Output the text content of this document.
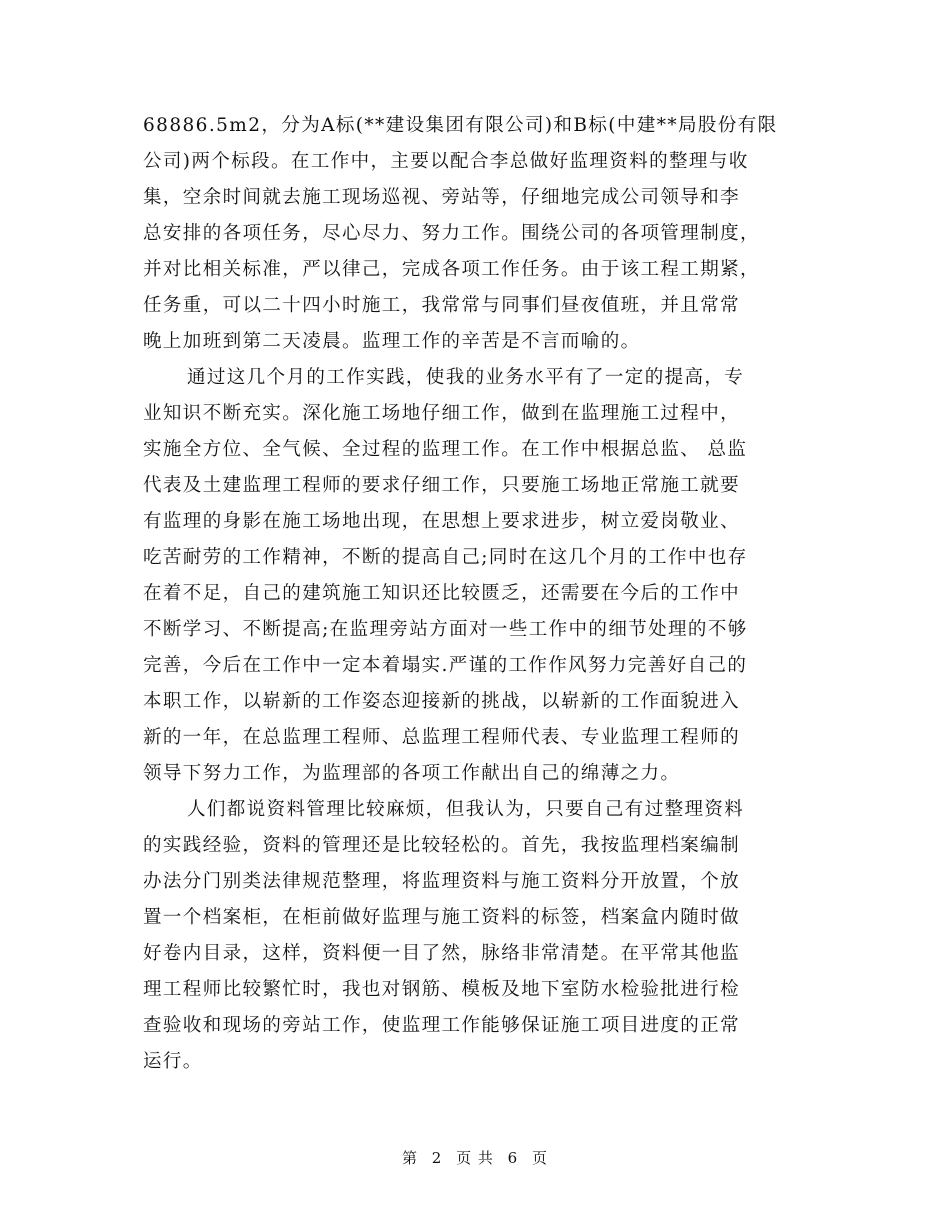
68886.5m2，分为A标(**建设集团有限公司)和B标(中建**局股份有限
公司)两个标段。在工作中，主要以配合李总做好监理资料的整理与收
集，空余时间就去施工现场巡视、旁站等，仔细地完成公司领导和李
总安排的各项任务，尽心尽力、努力工作。围绕公司的各项管理制度，
并对比相关标准，严以律己，完成各项工作任务。由于该工程工期紧，
任务重，可以二十四小时施工，我常常与同事们昼夜值班，并且常常
晚上加班到第二天凌晨。监理工作的辛苦是不言而喻的。
通过这几个月的工作实践，使我的业务水平有了一定的提高，专
业知识不断充实。深化施工场地仔细工作，做到在监理施工过程中，
实施全方位、全气候、全过程的监理工作。在工作中根据总监、 总监
代表及土建监理工程师的要求仔细工作，只要施工场地正常施工就要
有监理的身影在施工场地出现，在思想上要求进步，树立爱岗敬业、
吃苦耐劳的工作精神，不断的提高自己;同时在这几个月的工作中也存
在着不足，自己的建筑施工知识还比较匮乏，还需要在今后的工作中
不断学习、不断提高;在监理旁站方面对一些工作中的细节处理的不够
完善，今后在工作中一定本着塌实.严谨的工作作风努力完善好自己的
本职工作，以崭新的工作姿态迎接新的挑战，以崭新的工作面貌进入
新的一年，在总监理工程师、总监理工程师代表、专业监理工程师的
领导下努力工作，为监理部的各项工作献出自己的绵薄之力。
人们都说资料管理比较麻烦，但我认为，只要自己有过整理资料
的实践经验，资料的管理还是比较轻松的。首先，我按监理档案编制
办法分门别类法律规范整理，将监理资料与施工资料分开放置，个放
置一个档案柜，在柜前做好监理与施工资料的标签，档案盒内随时做
好卷内目录，这样，资料便一目了然，脉络非常清楚。在平常其他监
理工程师比较繁忙时，我也对钢筋、模板及地下室防水检验批进行检
查验收和现场的旁站工作，使监理工作能够保证施工项目进度的正常
运行。
第 2 页 共 6 页
